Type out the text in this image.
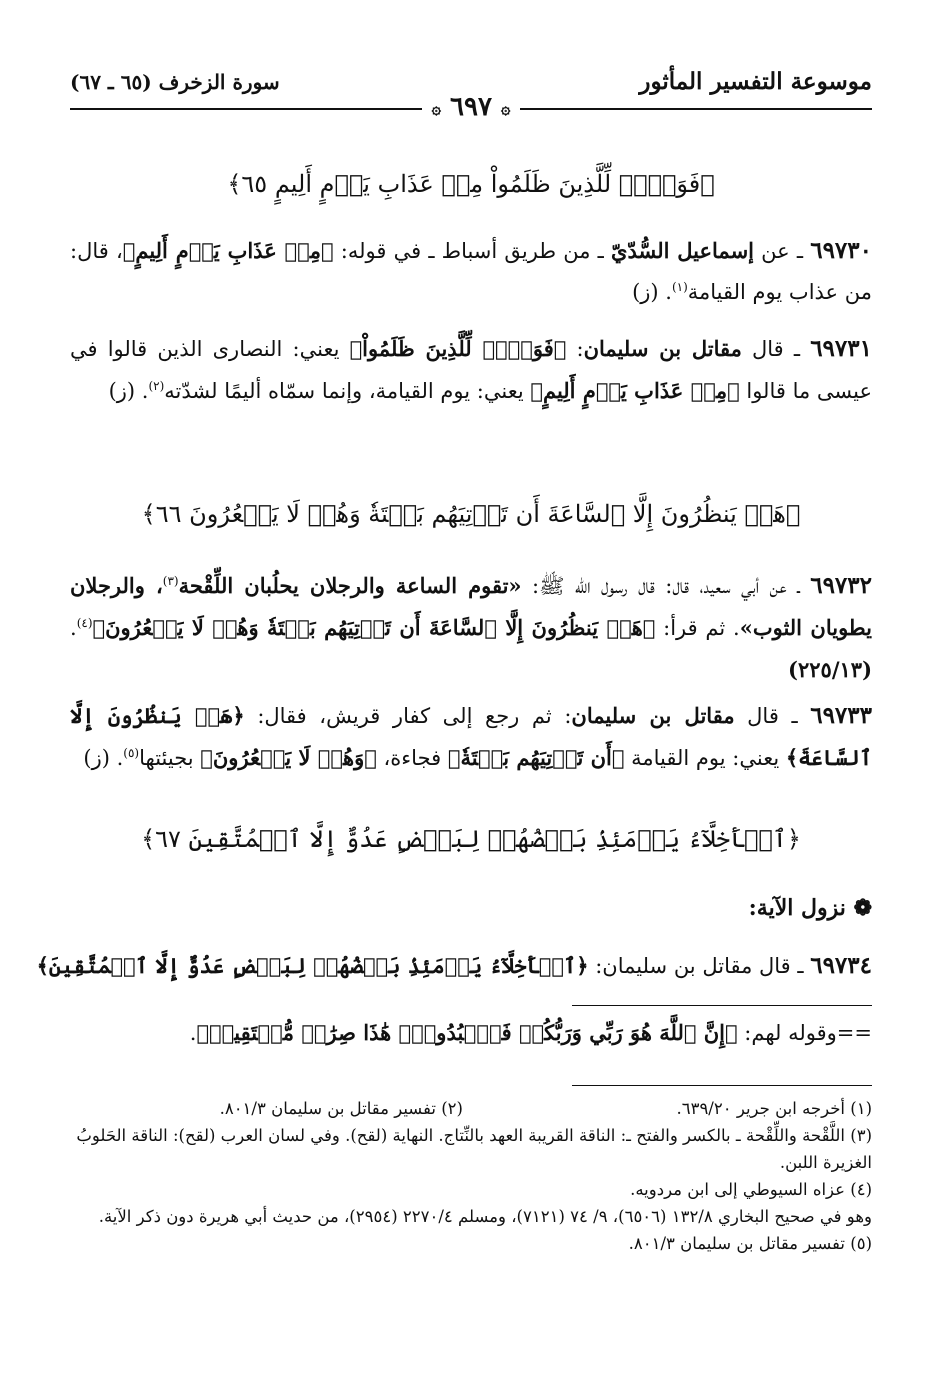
موسوعة التفسير المأثور
سورة الزخرف (٦٥ ـ ٦٧)
۞ ٦٩٧ ۞
﴿فَوَيۡلٞ لِّلَّذِينَ ظَلَمُواْ مِنۡ عَذَابِ يَوۡمٍ أَلِيمٍ ٦٥﴾
٦٩٧٣٠ ـ عن إسماعيل السُّدّيّ ـ من طريق أسباط ـ في قوله: ﴿مِنۡ عَذَابِ يَوۡمٍ أَلِيمٍ﴾، قال: من عذاب يوم القيامة$^{(١)}$. (ز)
٦٩٧٣١ ـ قال مقاتل بن سليمان: ﴿فَوَيۡلٞ لِّلَّذِينَ ظَلَمُواْ﴾ يعني: النصارى الذين قالوا في عيسى ما قالوا ﴿مِنۡ عَذَابِ يَوۡمٍ أَلِيمٍ﴾ يعني: يوم القيامة، وإنما سمّاه أليمًا لشدّته$^{(٢)}$. (ز)
﴿هَلۡ يَنظُرُونَ إِلَّا ٱلسَّاعَةَ أَن تَأۡتِيَهُم بَغۡتَةٗ وَهُمۡ لَا يَشۡعُرُونَ ٦٦﴾
٦٩٧٣٢ ـ عن أبي سعيد، قال: قال رسول الله ﷺ: «تقوم الساعة والرجلان يحلُبان اللِّقْحة$^{(٣)}$، والرجلان يطويان الثوب». ثم قرأ: ﴿هَلۡ يَنظُرُونَ إِلَّا ٱلسَّاعَةَ أَن تَأۡتِيَهُم بَغۡتَةٗ وَهُمۡ لَا يَشۡعُرُونَ﴾$^{(٤)}$. (٢٢٥/١٣)
٦٩٧٣٣ ـ قال مقاتل بن سليمان: ثم رجع إلى كفار قريش، فقال: ﴿هَلۡ يَنظُرُونَ إِلَّا ٱلسَّاعَةَ﴾ يعني: يوم القيامة ﴿أَن تَأۡتِيَهُم بَغۡتَةٗ﴾ فجاءة، ﴿وَهُمۡ لَا يَشۡعُرُونَ﴾ بجيئتها$^{(٥)}$. (ز)
﴿ٱلۡأَخِلَّآءُ يَوۡمَئِذِۢ بَعۡضُهُمۡ لِبَعۡضٍ عَدُوٌّ إِلَّا ٱلۡمُتَّقِينَ ٦٧﴾
❁ نزول الآية:
٦٩٧٣٤ ـ قال مقاتل بن سليمان: ﴿ٱلۡأَخِلَّآءُ يَوۡمَئِذِۢ بَعۡضُهُمۡ لِبَعۡضٍ عَدُوٌّ إِلَّا ٱلۡمُتَّقِينَ﴾
==وقوله لهم: ﴿إِنَّ ٱللَّهَ هُوَ رَبِّي وَرَبُّكُمۡ فَٱعۡبُدُوهُۚ هَٰذَا صِرَٰطٞ مُّسۡتَقِيمٞ﴾.
(١) أخرجه ابن جرير ٦٣٩/٢٠.
(٢) تفسير مقاتل بن سليمان ٨٠١/٣.
(٣) اللَّقْحة واللِّقْحة ـ بالكسر والفتح ـ: الناقة القريبة العهد بالنِّتاج. النهاية (لقح). وفي لسان العرب (لقح): الناقة الحَلوبُ الغزيرة اللبن.
(٤) عزاه السيوطي إلى ابن مردويه.
وهو في صحيح البخاري ١٣٢/٨ (٦٥٠٦)، ٩/ ٧٤ (٧١٢١)، ومسلم ٢٢٧٠/٤ (٢٩٥٤)، من حديث أبي هريرة دون ذكر الآية.
(٥) تفسير مقاتل بن سليمان ٨٠١/٣.
